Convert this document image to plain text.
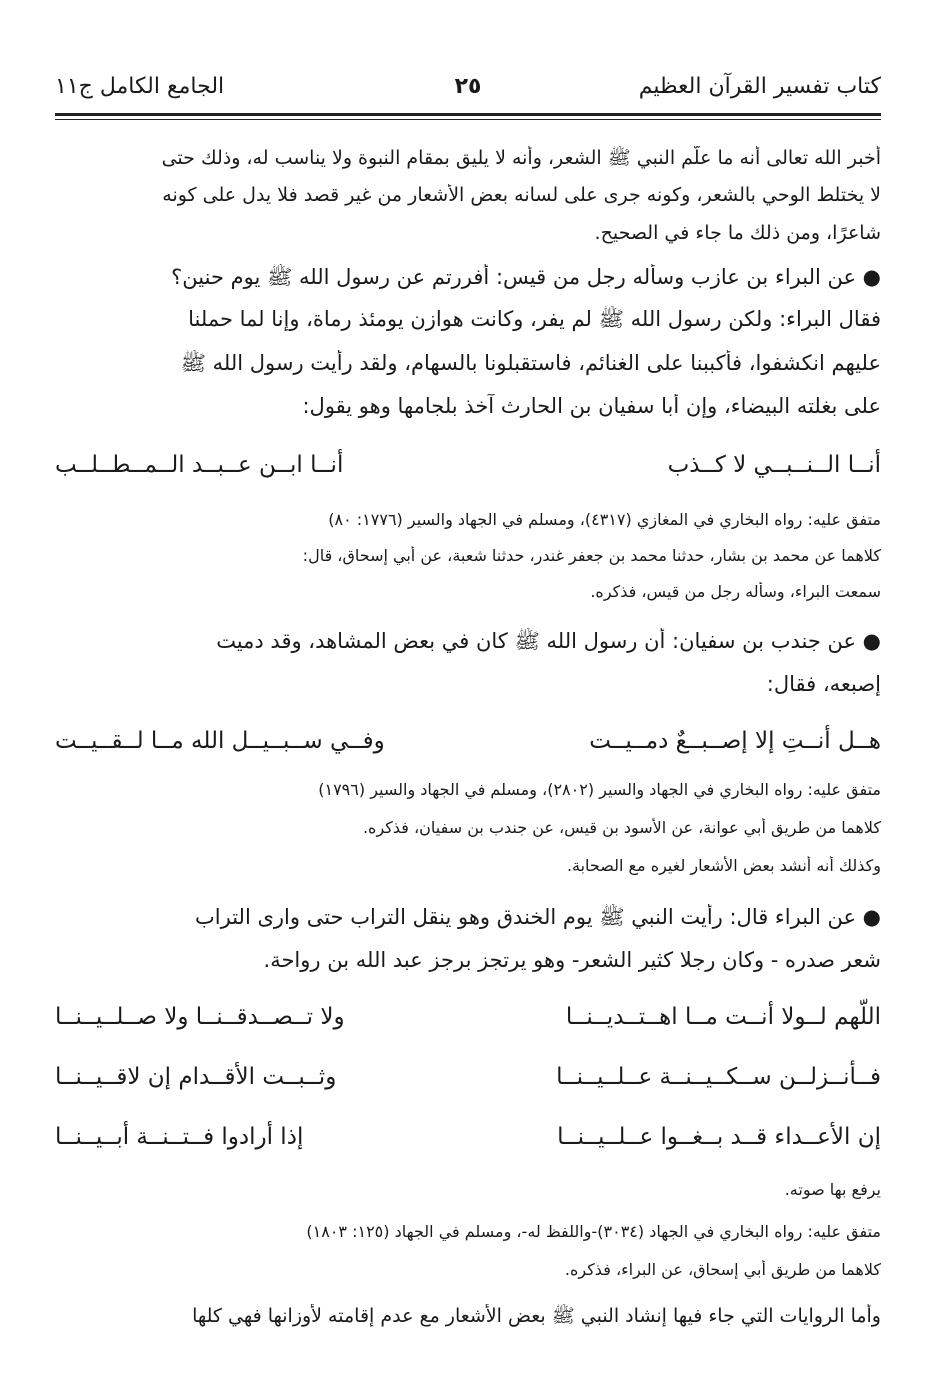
كتاب تفسير القرآن العظيم
٢٥
الجامع الكامل ج١١

أخبر الله تعالى أنه ما علّم النبي ﷺ الشعر، وأنه لا يليق بمقام النبوة ولا يناسب له، وذلك حتى

لا يختلط الوحي بالشعر، وكونه جرى على لسانه بعض الأشعار من غير قصد فلا يدل على كونه

شاعرًا، ومن ذلك ما جاء في الصحيح.

● عن البراء بن عازب وسأله رجل من قيس: أفررتم عن رسول الله ﷺ يوم حنين؟

فقال البراء: ولكن رسول الله ﷺ لم يفر، وكانت هوازن يومئذ رماة، وإنا لما حملنا

عليهم انكشفوا، فأكببنا على الغنائم، فاستقبلونا بالسهام، ولقد رأيت رسول الله ﷺ

على بغلته البيضاء، وإن أبا سفيان بن الحارث آخذ بلجامها وهو يقول:

أنــا الــنــبــي لا كــذب
أنــا ابــن عــبــد الــمــطــلــب

متفق عليه: رواه البخاري في المغازي (٤٣١٧)، ومسلم في الجهاد والسير (١٧٧٦: ٨٠)

كلاهما عن محمد بن بشار، حدثنا محمد بن جعفر غندر، حدثنا شعبة، عن أبي إسحاق، قال:

سمعت البراء، وسأله رجل من قيس، فذكره.

● عن جندب بن سفيان: أن رسول الله ﷺ كان في بعض المشاهد، وقد دميت

إصبعه، فقال:

هــل أنــتِ إلا إصــبــعٌ دمــيــت
وفــي ســبــيــل الله مــا لــقــيــت

متفق عليه: رواه البخاري في الجهاد والسير (٢٨٠٢)، ومسلم في الجهاد والسير (١٧٩٦)

كلاهما من طريق أبي عوانة، عن الأسود بن قيس، عن جندب بن سفيان، فذكره.

وكذلك أنه أنشد بعض الأشعار لغيره مع الصحابة.

● عن البراء قال: رأيت النبي ﷺ يوم الخندق وهو ينقل التراب حتى وارى التراب

شعر صدره - وكان رجلا كثير الشعر- وهو يرتجز برجز عبد الله بن رواحة.

اللّهم لــولا أنــت مــا اهــتــديــنــا
ولا تــصــدقــنــا ولا صــلــيــنــا
فــأنــزلــن ســكــيــنــة عــلــيــنــا
وثــبــت الأقــدام إن لاقــيــنــا
إن الأعــداء قــد بــغــوا عــلــيــنــا
إذا أرادوا فــتــنــة أبــيــنــا

يرفع بها صوته.

متفق عليه: رواه البخاري في الجهاد (٣٠٣٤)-واللفظ له-، ومسلم في الجهاد (١٢٥: ١٨٠٣)

كلاهما من طريق أبي إسحاق، عن البراء، فذكره.

وأما الروايات التي جاء فيها إنشاد النبي ﷺ بعض الأشعار مع عدم إقامته لأوزانها فهي كلها
